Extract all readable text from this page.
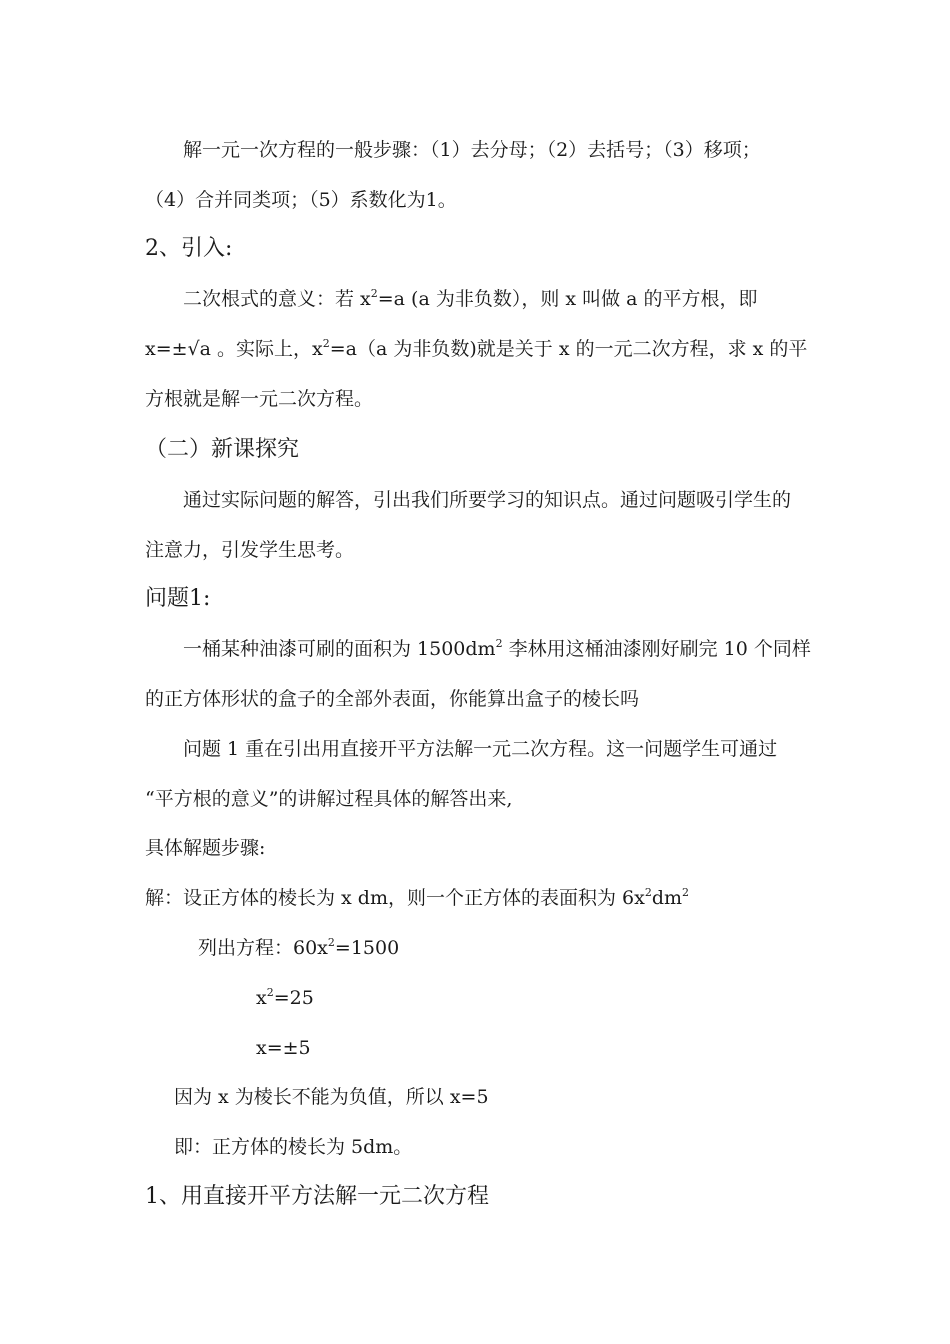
解一元一次方程的一般步骤：（1）去分母；（2）去括号；（3）移项；
（4）合并同类项；（5）系数化为1。
2、引入:
二次根式的意义：若 $x^2=a$ (a 为非负数），则 x 叫做 a 的平方根，即
x=±√a 。实际上，$x^2=a(a$ 为非负数)就是关于 x 的一元二次方程，求 x 的平
方根就是解一元二次方程。
（二）新课探究
通过实际问题的解答，引出我们所要学习的知识点。通过问题吸引学生的
注意力，引发学生思考。
问题1:
一桶某种油漆可刷的面积为 $1500dm^2$ 李林用这桶油漆刚好刷完 10 个同样
的正方体形状的盒子的全部外表面，你能算出盒子的棱长吗
问题 1 重在引出用直接开平方法解一元二次方程。这一问题学生可通过
“平方根的意义”的讲解过程具体的解答出来,
具体解题步骤:
解：设正方体的棱长为 x dm，则一个正方体的表面积为 $6x^2dm^2$
列出方程：$60x^2=1500$
$x^2=25$
x=±5
因为 x 为棱长不能为负值，所以 x=5
即：正方体的棱长为 5dm。
1、用直接开平方法解一元二次方程
